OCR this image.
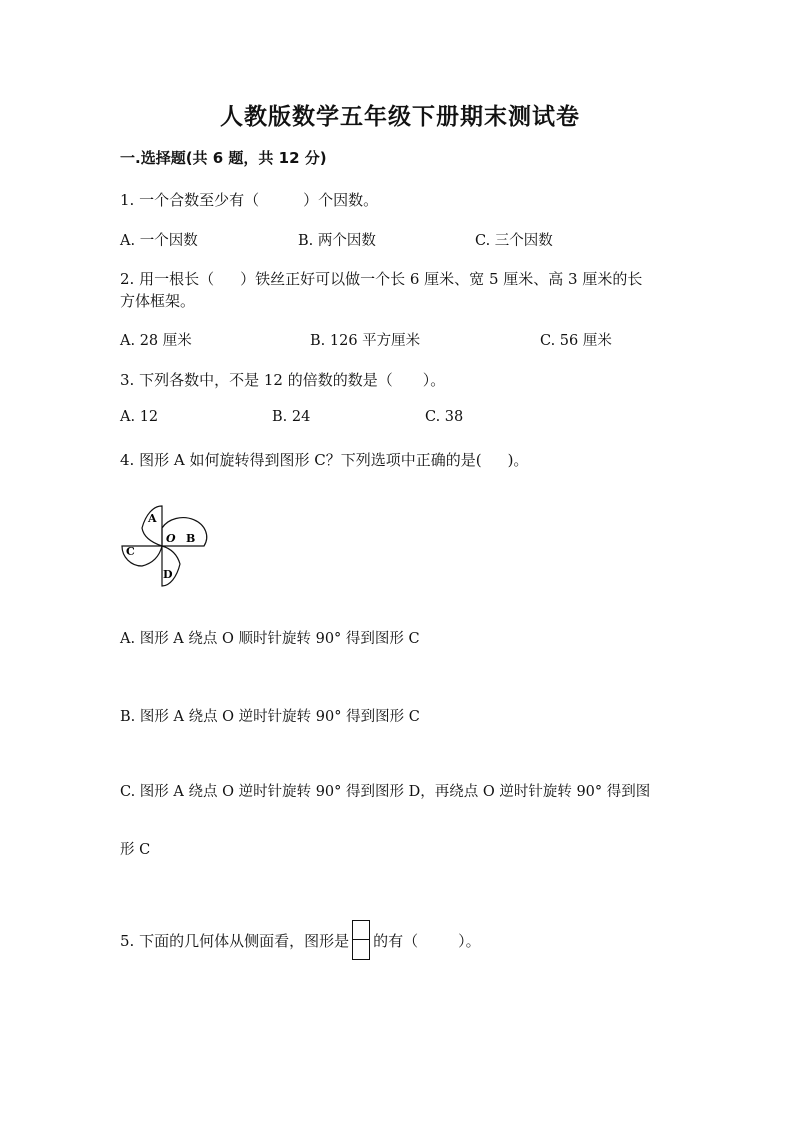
人教版数学五年级下册期末测试卷
一.选择题(共 6 题，共 12 分)
1. 一个合数至少有（	）个因数。
A. 一个因数	B. 两个因数	C. 三个因数
2. 用一根长（ ）铁丝正好可以做一个长 6 厘米、宽 5 厘米、高 3 厘米的长
方体框架。
A. 28 厘米	B. 126 平方厘米	C. 56 厘米
3. 下列各数中，不是 12 的倍数的数是（ ）。
A. 12	B. 24	C. 38
4. 图形 A 如何旋转得到图形 C？下列选项中正确的是( )。
A
B
C
D
O
A. 图形 A 绕点 O 顺时针旋转 90° 得到图形 C
B. 图形 A 绕点 O 逆时针旋转 90° 得到图形 C
C. 图形 A 绕点 O 逆时针旋转 90° 得到图形 D，再绕点 O 逆时针旋转 90° 得到图
形 C
5. 下面的几何体从侧面看，图形是 的有（	）。
